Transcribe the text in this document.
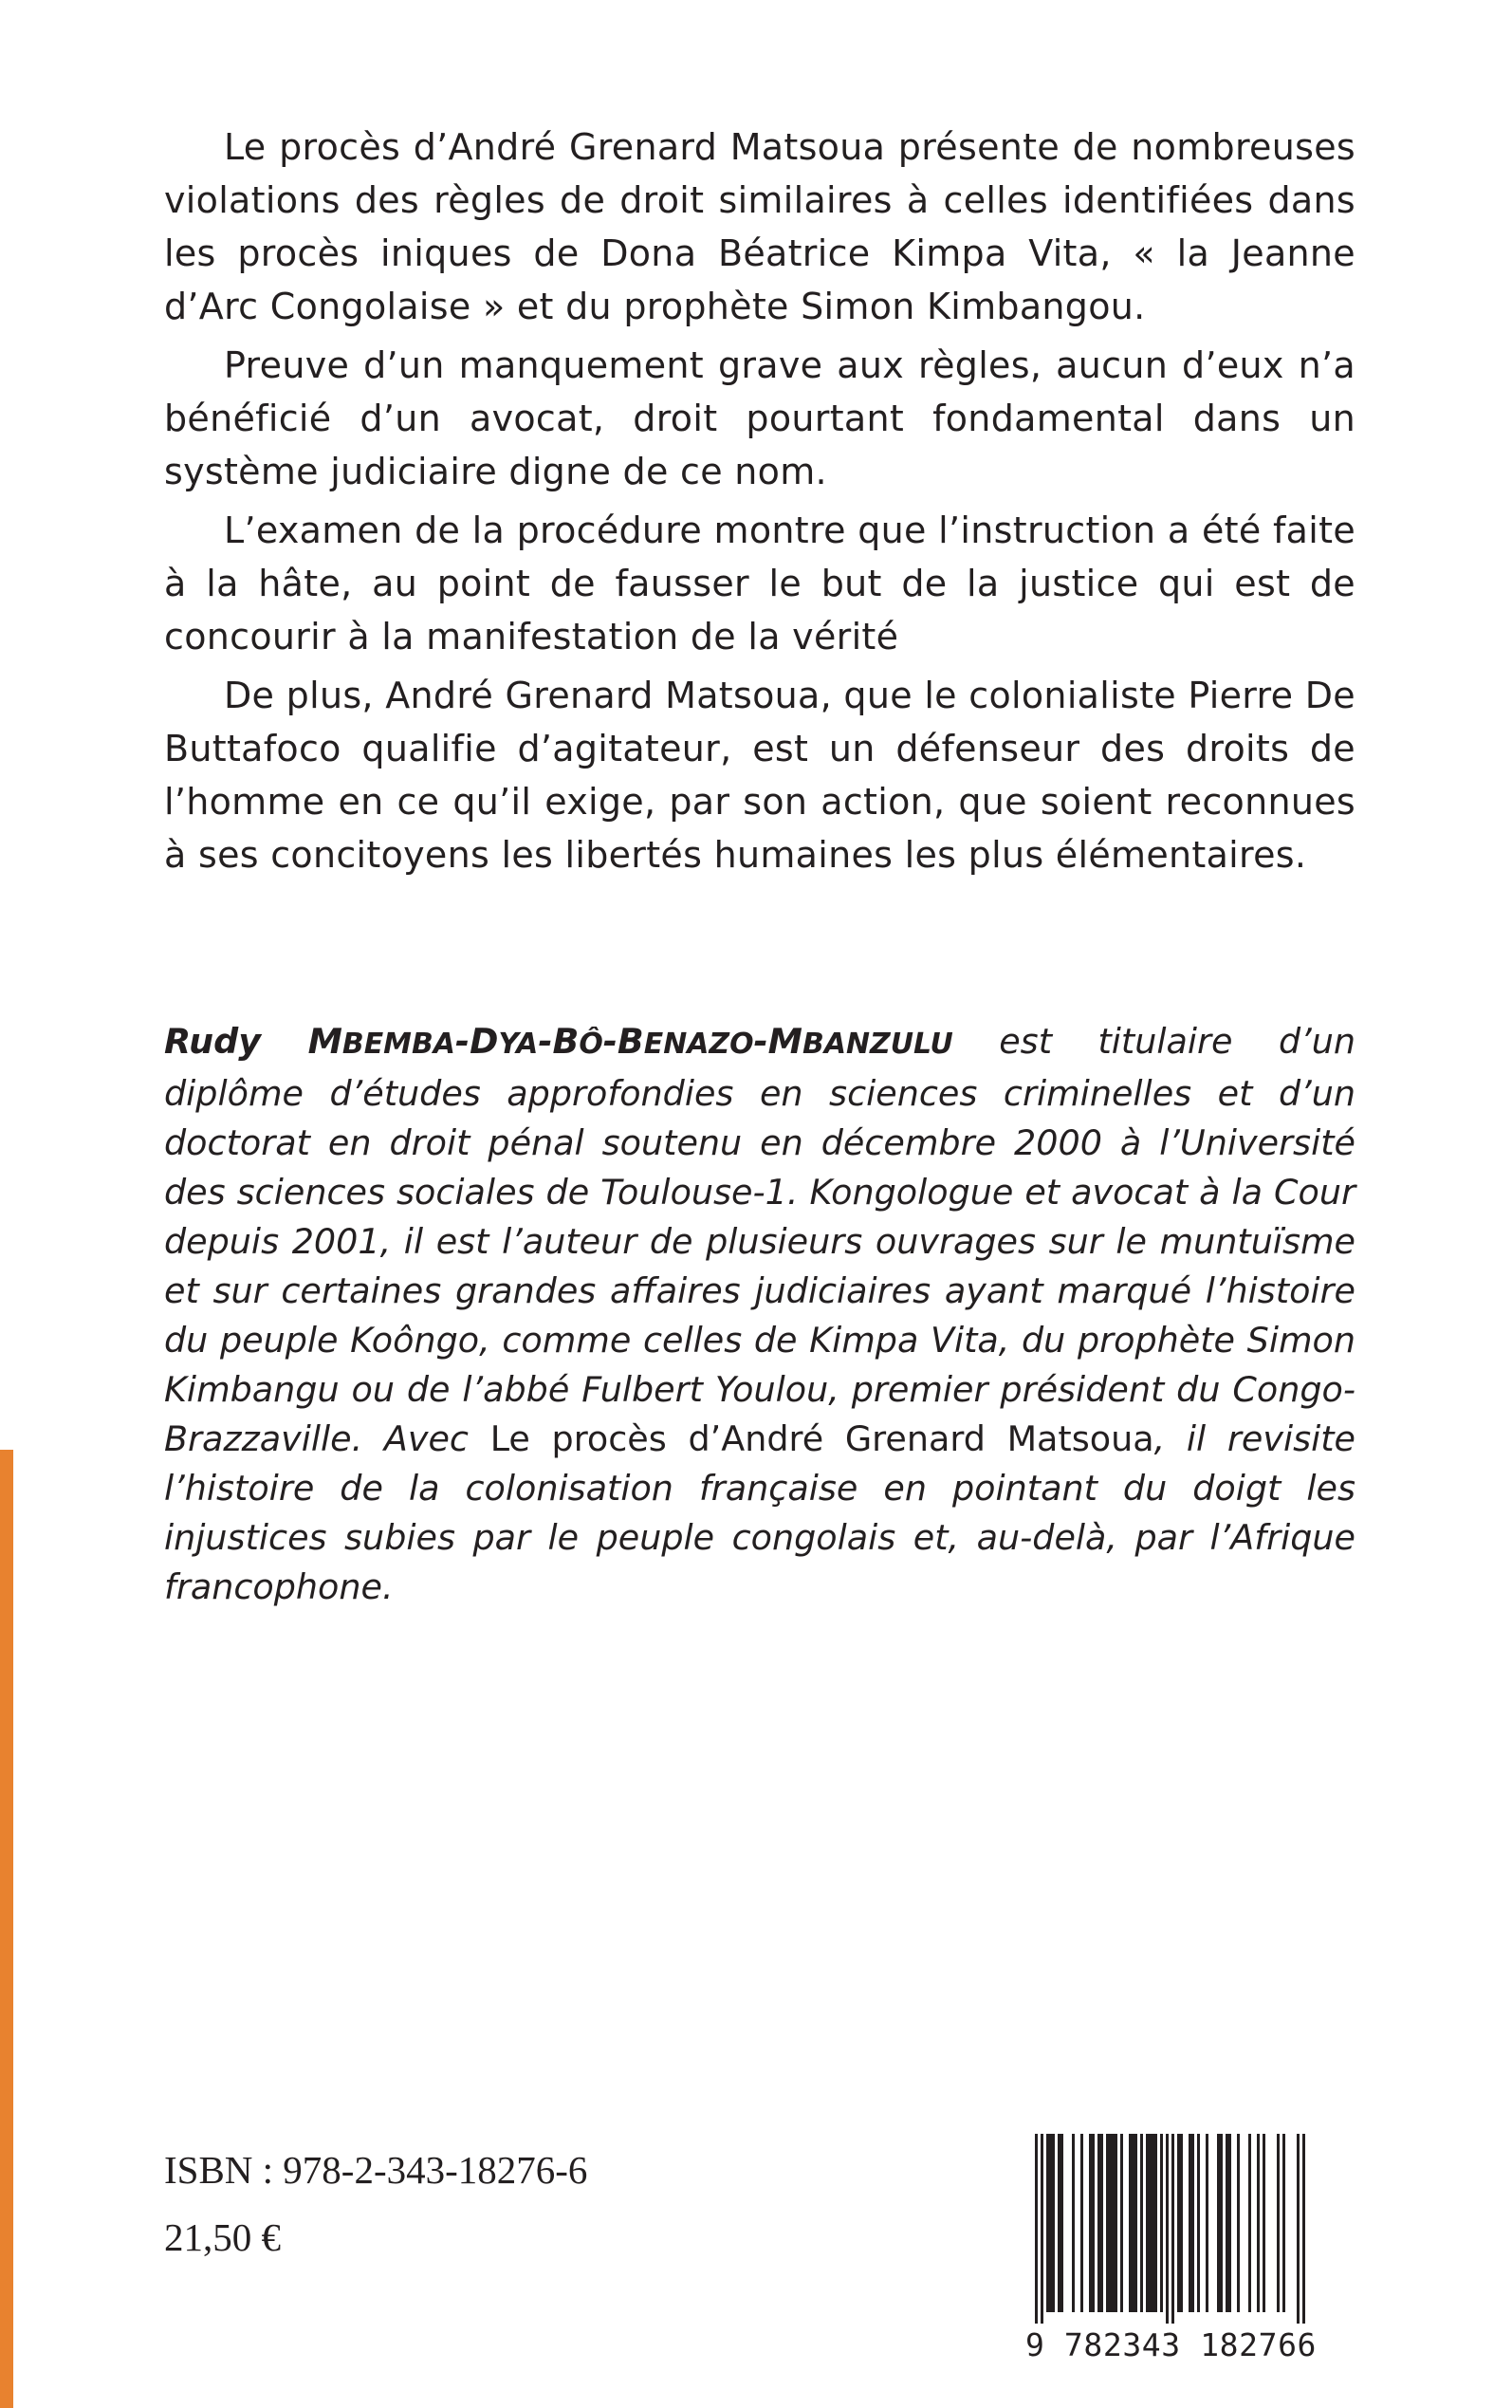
Le procès d’André Grenard Matsoua présente de nombreuses violations des règles de droit similaires à celles identifiées dans les procès iniques de Dona Béatrice Kimpa Vita, « la Jeanne d’Arc Congolaise » et du prophète Simon Kimbangou.

Preuve d’un manquement grave aux règles, aucun d’eux n’a bénéficié d’un avocat, droit pourtant fondamental dans un système judiciaire digne de ce nom.

L’examen de la procédure montre que l’instruction a été faite à la hâte, au point de fausser le but de la justice qui est de concourir à la manifestation de la vérité

De plus, André Grenard Matsoua, que le colonialiste Pierre De Buttafoco qualifie d’agitateur, est un défenseur des droits de l’homme en ce qu’il exige, par son action, que soient reconnues à ses concitoyens les libertés humaines les plus élémentaires.

Rudy MBEMBA-DYA-BÔ-BENAZO-MBANZULU est titulaire d’un diplôme d’études approfondies en sciences criminelles et d’un doctorat en droit pénal soutenu en décembre 2000 à l’Université des sciences sociales de Toulouse-1. Kongologue et avocat à la Cour depuis 2001, il est l’auteur de plusieurs ouvrages sur le muntuïsme et sur certaines grandes affaires judiciaires ayant marqué l’histoire du peuple Koôngo, comme celles de Kimpa Vita, du prophète Simon Kimbangu ou de l’abbé Fulbert Youlou, premier président du Congo-Brazzaville. Avec Le procès d’André Grenard Matsoua, il revisite l’histoire de la colonisation française en pointant du doigt les injustices subies par le peuple congolais et, au-delà, par l’Afrique francophone.

ISBN : 978-2-343-18276-6
21,50 €
9 782343 182766
